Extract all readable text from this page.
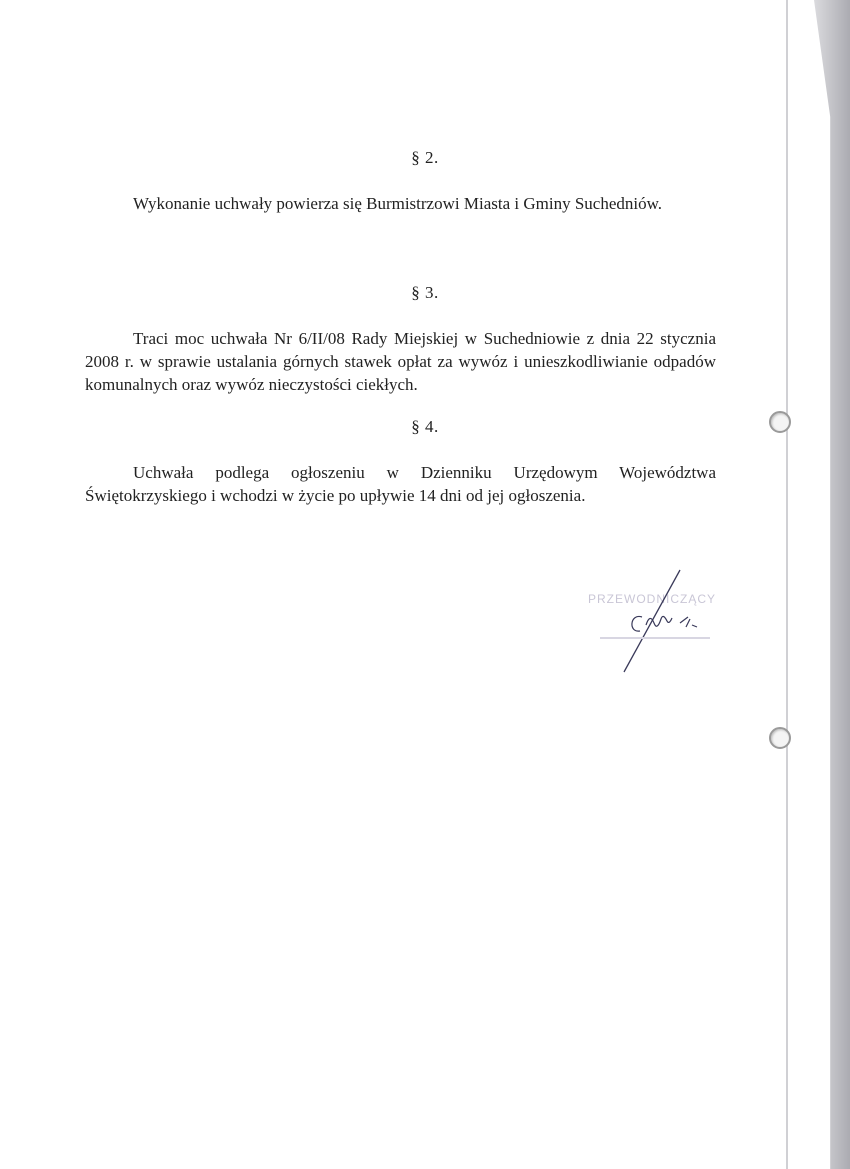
§ 2.

Wykonanie uchwały powierza się Burmistrzowi Miasta i Gminy Suchedniów.

§ 3.

Traci moc uchwała Nr 6/II/08 Rady Miejskiej w Suchedniowie z dnia 22 stycznia 2008 r. w sprawie ustalania górnych stawek opłat za wywóz i unieszkodliwianie odpadów komunalnych oraz wywóz nieczystości ciekłych.

§ 4.

Uchwała podlega ogłoszeniu w Dzienniku Urzędowym Województwa Świętokrzyskiego i wchodzi w życie po upływie 14 dni od jej ogłoszenia.

PRZEWODNICZĄCY
